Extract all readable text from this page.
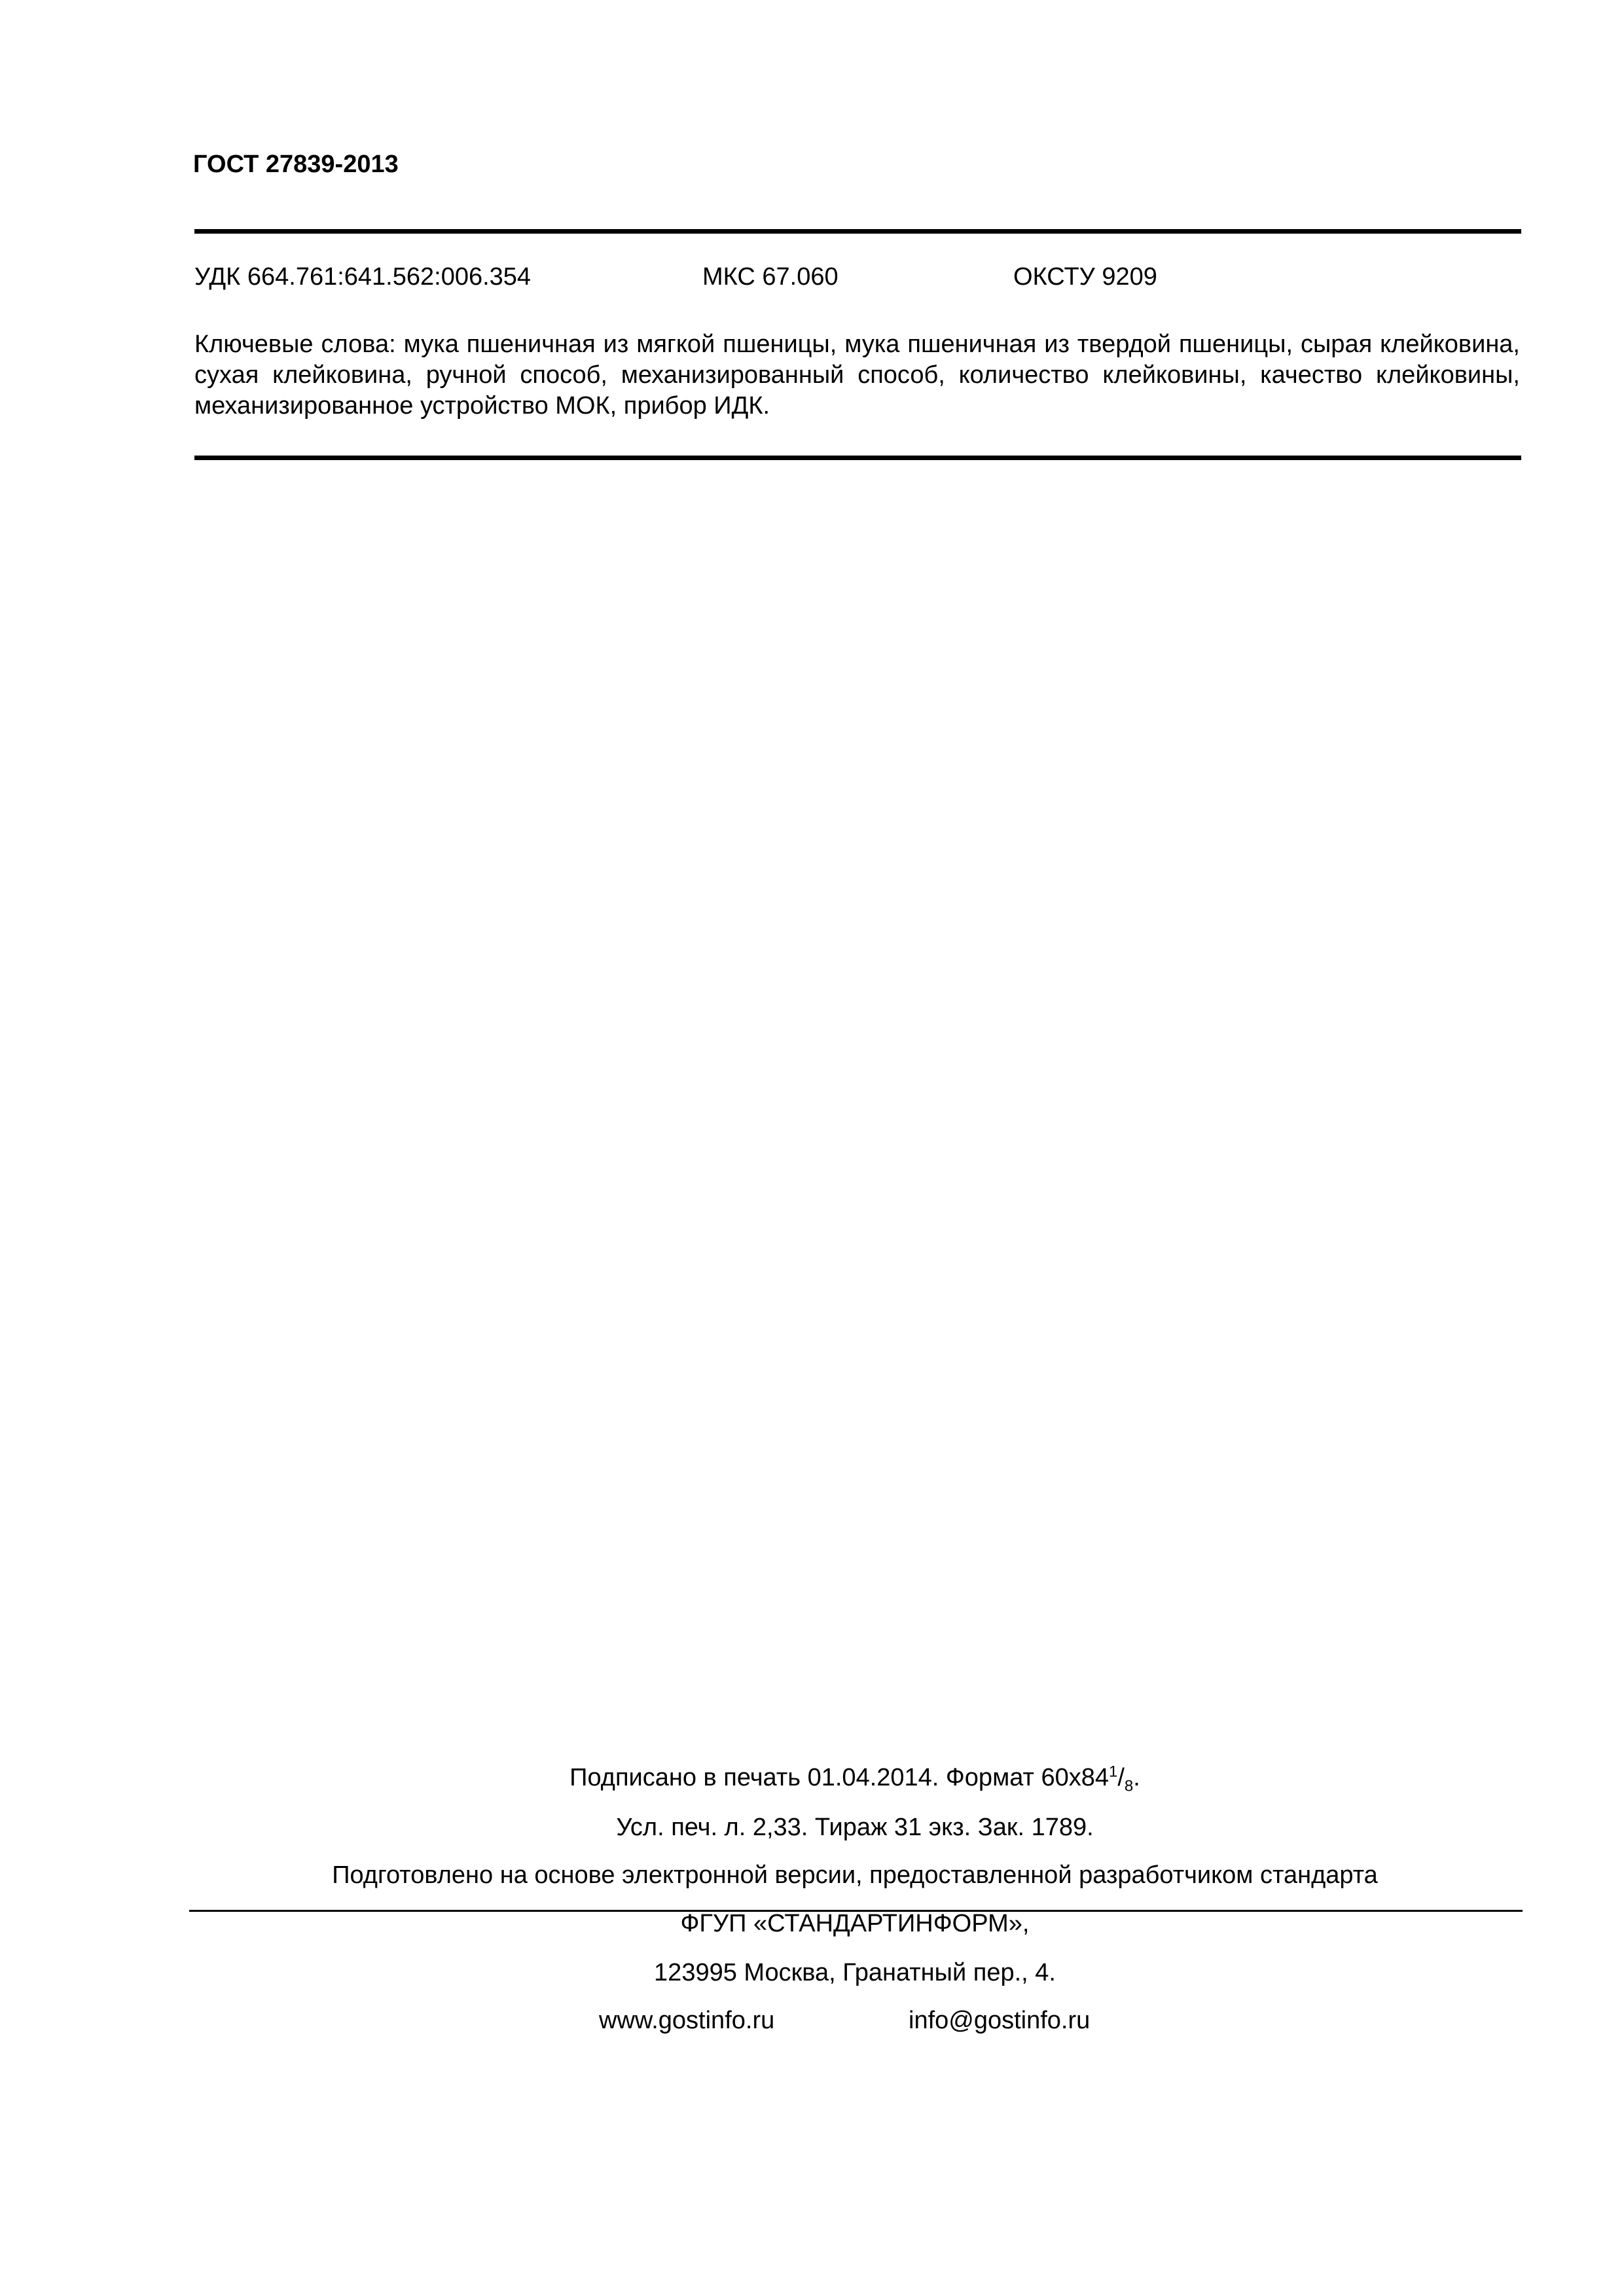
ГОСТ 27839-2013
УДК 664.761:641.562:006.354	МКС 67.060	ОКСТУ 9209
Ключевые слова: мука пшеничная из мягкой пшеницы, мука пшеничная из твердой пшеницы, сырая клейковина, сухая клейковина, ручной способ, механизированный способ, количество клейковины, качество клейковины, механизированное устройство МОК, прибор ИДК.
Подписано в печать 01.04.2014. Формат $60х84^1/_8$.
Усл. печ. л. 2,33. Тираж 31 экз. Зак. 1789.
Подготовлено на основе электронной версии, предоставленной разработчиком стандарта
ФГУП «СТАНДАРТИНФОРМ»,
123995 Москва, Гранатный пер., 4.
www.gostinfo.ru	info@gostinfo.ru
